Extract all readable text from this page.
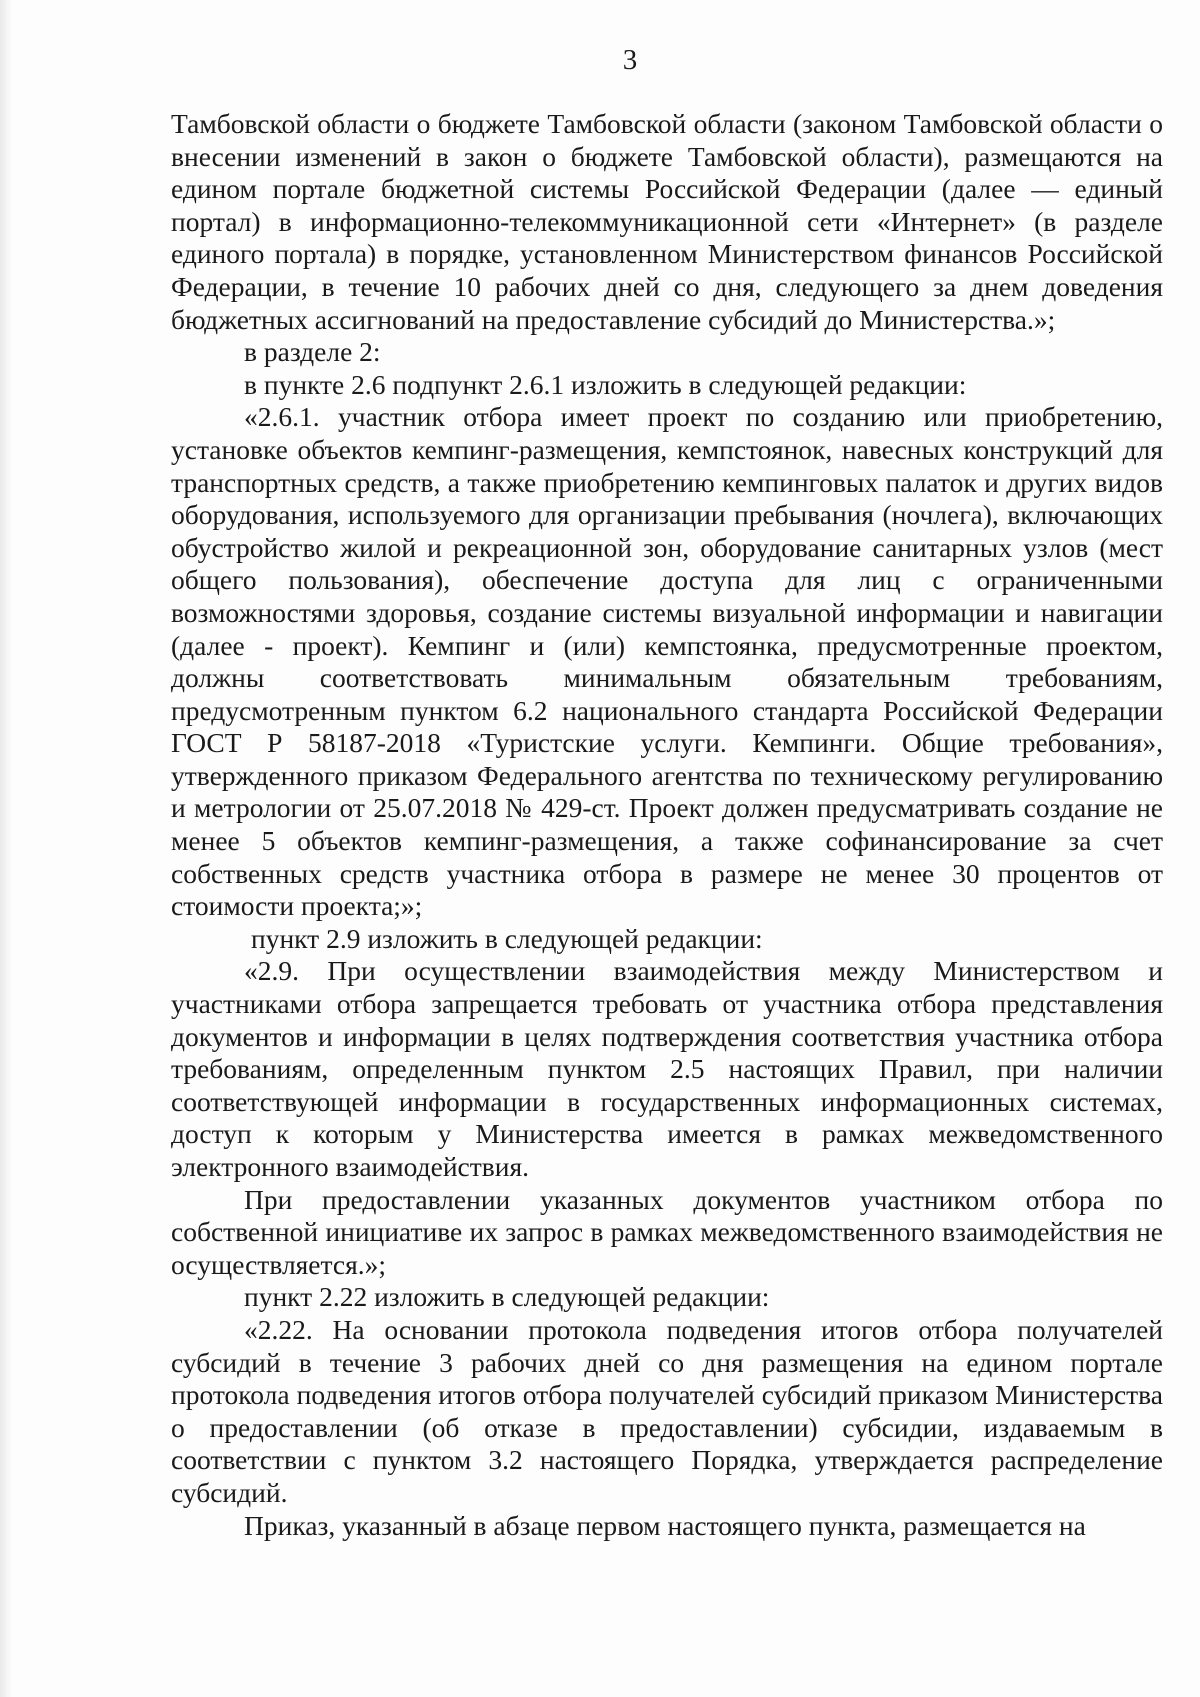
3

Тамбовской области о бюджете Тамбовской области (законом Тамбовской области о внесении изменений в закон о бюджете Тамбовской области), размещаются на едином портале бюджетной системы Российской Федерации (далее — единый портал) в информационно-телекоммуникационной сети «Интернет» (в разделе единого портала) в порядке, установленном Министерством финансов Российской Федерации, в течение 10 рабочих дней со дня, следующего за днем доведения бюджетных ассигнований на предоставление субсидий до Министерства.»;

в разделе 2:

в пункте 2.6 подпункт 2.6.1 изложить в следующей редакции:

«2.6.1. участник отбора имеет проект по созданию или приобретению, установке объектов кемпинг-размещения, кемпстоянок, навесных конструкций для транспортных средств, а также приобретению кемпинговых палаток и других видов оборудования, используемого для организации пребывания (ночлега), включающих обустройство жилой и рекреационной зон, оборудование санитарных узлов (мест общего пользования), обеспечение доступа для лиц с ограниченными возможностями здоровья, создание системы визуальной информации и навигации (далее - проект). Кемпинг и (или) кемпстоянка, предусмотренные проектом, должны соответствовать минимальным обязательным требованиям, предусмотренным пунктом 6.2 национального стандарта Российской Федерации ГОСТ Р 58187-2018 «Туристские услуги. Кемпинги. Общие требования», утвержденного приказом Федерального агентства по техническому регулированию и метрологии от 25.07.2018 № 429-ст. Проект должен предусматривать создание не менее 5 объектов кемпинг-размещения, а также софинансирование за счет собственных средств участника отбора в размере не менее 30 процентов от стоимости проекта;»;

пункт 2.9 изложить в следующей редакции:

«2.9. При осуществлении взаимодействия между Министерством и участниками отбора запрещается требовать от участника отбора представления документов и информации в целях подтверждения соответствия участника отбора требованиям, определенным пунктом 2.5 настоящих Правил, при наличии соответствующей информации в государственных информационных системах, доступ к которым у Министерства имеется в рамках межведомственного электронного взаимодействия.

При предоставлении указанных документов участником отбора по собственной инициативе их запрос в рамках межведомственного взаимодействия не осуществляется.»;

пункт 2.22 изложить в следующей редакции:

«2.22. На основании протокола подведения итогов отбора получателей субсидий в течение 3 рабочих дней со дня размещения на едином портале протокола подведения итогов отбора получателей субсидий приказом Министерства о предоставлении (об отказе в предоставлении) субсидии, издаваемым в соответствии с пунктом 3.2 настоящего Порядка, утверждается распределение субсидий.

Приказ, указанный в абзаце первом настоящего пункта, размещается на
